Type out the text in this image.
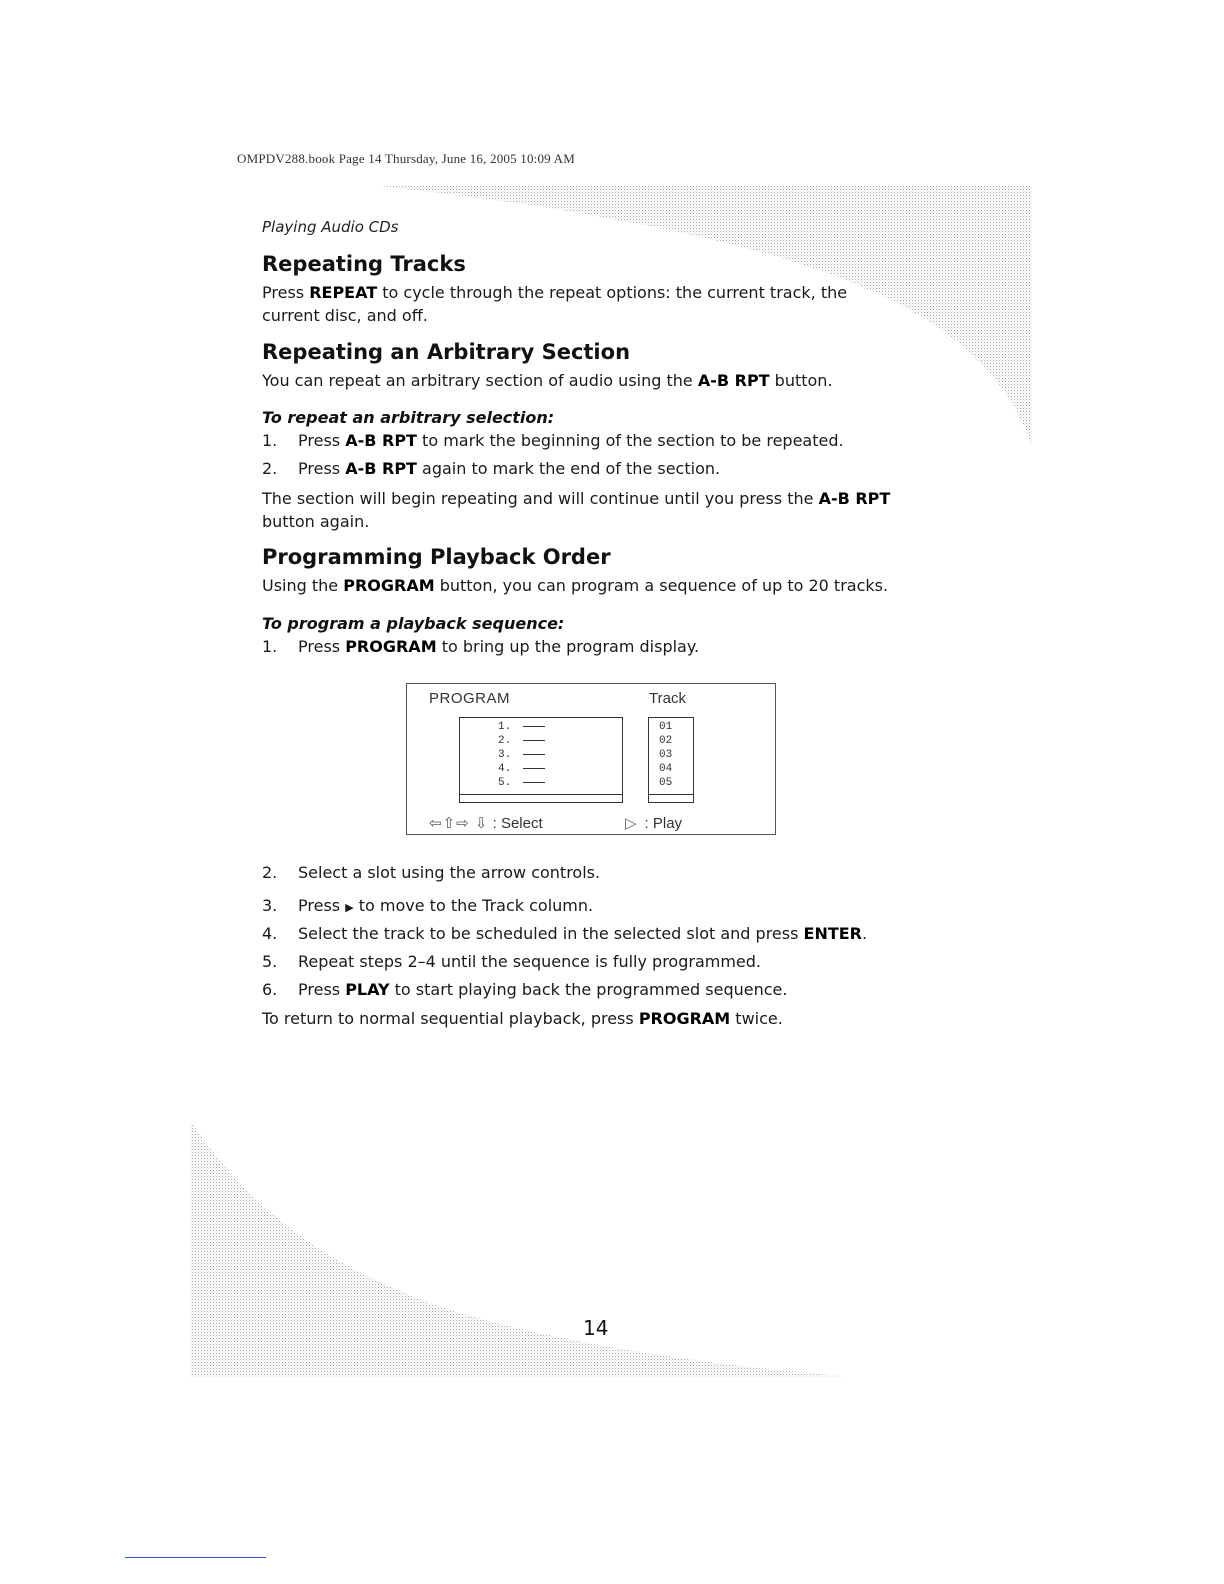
OMPDV288.book Page 14 Thursday, June 16, 2005 10:09 AM
Playing Audio CDs
Repeating Tracks

Press REPEAT to cycle through the repeat options: the current track, the
current disc, and off.

Repeating an Arbitrary Section

You can repeat an arbitrary section of audio using the A-B RPT button.

To repeat an arbitrary selection:

1. Press A-B RPT to mark the beginning of the section to be repeated.
2. Press A-B RPT again to mark the end of the section.

The section will begin repeating and will continue until you press the A-B RPT
button again.

Programming Playback Order

Using the PROGRAM button, you can program a sequence of up to 20 tracks.

To program a playback sequence:

1. Press PROGRAM to bring up the program display.
PROGRAM	Track
1.
2.
3.
4.
5.
01
02
03
04
05
⇦⇧⇨ ⇩ : Select	▷ : Play
2. Select a slot using the arrow controls.
3. Press ▶ to move to the Track column.
4. Select the track to be scheduled in the selected slot and press ENTER.
5. Repeat steps 2–4 until the sequence is fully programmed.
6. Press PLAY to start playing back the programmed sequence.

To return to normal sequential playback, press PROGRAM twice.

14
